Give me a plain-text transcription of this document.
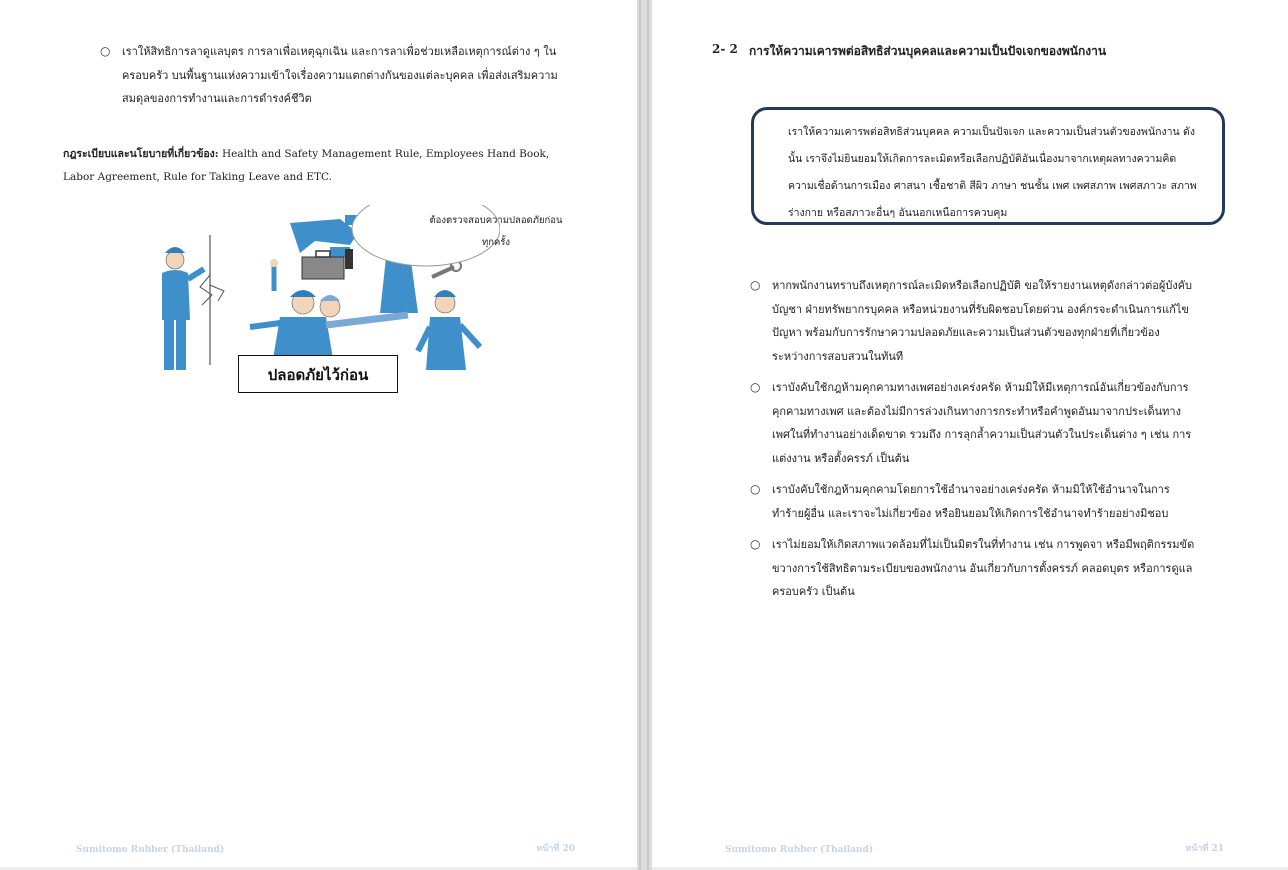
○	เราให้สิทธิการลาดูแลบุตร การลาเพื่อเหตุฉุกเฉิน และการลาเพื่อช่วยเหลือเหตุการณ์ต่าง ๆ ในครอบครัว บนพื้นฐานแห่งความเข้าใจเรื่องความแตกต่างกันของแต่ละบุคคล เพื่อส่งเสริมความสมดุลของการทำงานและการดำรงค์ชีวิต
กฎระเบียบและนโยบายที่เกี่ยวข้อง: Health and Safety Management Rule, Employees Hand Book, Labor Agreement, Rule for Taking Leave and ETC.
ต้องตรวจสอบความปลอดภัยก่อนทุกครั้ง
ปลอดภัยไว้ก่อน
Sumitomo Rubber (Thailand)	หน้าที่ 20
2- 2 การให้ความเคารพต่อสิทธิส่วนบุคคลและความเป็นปัจเจกของพนักงาน
เราให้ความเคารพต่อสิทธิส่วนบุคคล ความเป็นปัจเจก และความเป็นส่วนตัวของพนักงาน ดังนั้น เราจึงไม่ยินยอมให้เกิดการละเมิดหรือเลือกปฏิบัติอันเนื่องมาจากเหตุผลทางความคิด ความเชื่อด้านการเมือง ศาสนา เชื้อชาติ สีผิว ภาษา ชนชั้น เพศ เพศสภาพ เพศสภาวะ สภาพร่างกาย หรือสภาวะอื่นๆ อันนอกเหนือการควบคุม
○	หากพนักงานทราบถึงเหตุการณ์ละเมิดหรือเลือกปฏิบัติ ขอให้รายงานเหตุดังกล่าวต่อผู้บังคับบัญชา ฝ่ายทรัพยากรบุคคล หรือหน่วยงานที่รับผิดชอบโดยด่วน องค์กรจะดำเนินการแก้ไขปัญหา พร้อมกับการรักษาความปลอดภัยและความเป็นส่วนตัวของทุกฝ่ายที่เกี่ยวข้องระหว่างการสอบสวนในทันที
○	เราบังคับใช้กฎห้ามคุกคามทางเพศอย่างเคร่งครัด ห้ามมิให้มีเหตุการณ์อันเกี่ยวข้องกับการคุกคามทางเพศ และต้องไม่มีการล่วงเกินทางการกระทำหรือคำพูดอันมาจากประเด็นทางเพศในที่ทำงานอย่างเด็ดขาด รวมถึง การลุกล้ำความเป็นส่วนตัวในประเด็นต่าง ๆ เช่น การแต่งงาน หรือตั้งครรภ์ เป็นต้น
○	เราบังคับใช้กฎห้ามคุกคามโดยการใช้อำนาจอย่างเคร่งครัด ห้ามมิให้ใช้อำนาจในการทำร้ายผู้อื่น และเราจะไม่เกี่ยวข้อง หรือยินยอมให้เกิดการใช้อำนาจทำร้ายอย่างมิชอบ
○	เราไม่ยอมให้เกิดสภาพแวดล้อมที่ไม่เป็นมิตรในที่ทำงาน เช่น การพูดจา หรือมีพฤติกรรมขัดขวางการใช้สิทธิตามระเบียบของพนักงาน อันเกี่ยวกับการตั้งครรภ์ คลอดบุตร หรือการดูแลครอบครัว เป็นต้น
Sumitomo Rubber (Thailand)	หน้าที่ 21
